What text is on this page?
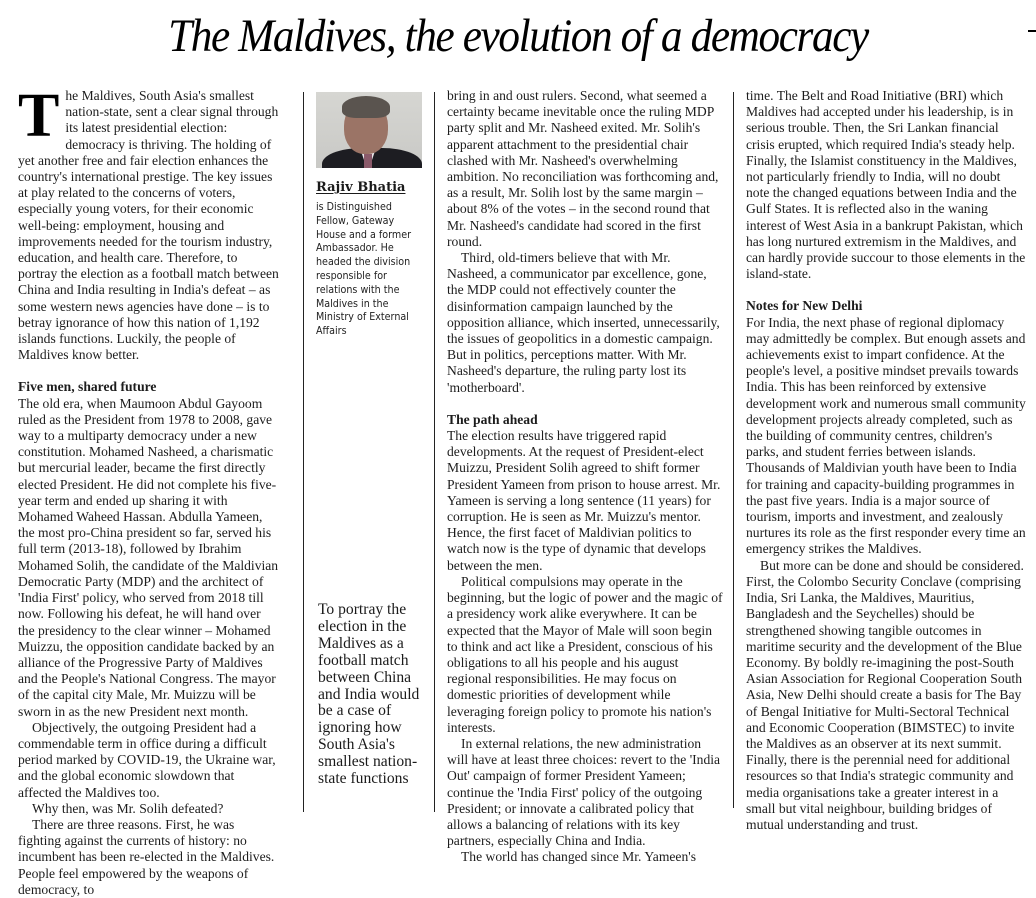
The Maldives, the evolution of a democracy

The Maldives, South Asia's smallest nation-state, sent a clear signal through its latest presidential election: democracy is thriving. The holding of yet another free and fair election enhances the country's international prestige. The key issues at play related to the concerns of voters, especially young voters, for their economic well-being: employment, housing and improvements needed for the tourism industry, education, and health care. Therefore, to portray the election as a football match between China and India resulting in India's defeat – as some western news agencies have done – is to betray ignorance of how this nation of 1,192 islands functions. Luckily, the people of Maldives know better.

Five men, shared future

The old era, when Maumoon Abdul Gayoom ruled as the President from 1978 to 2008, gave way to a multiparty democracy under a new constitution. Mohamed Nasheed, a charismatic but mercurial leader, became the first directly elected President. He did not complete his five-year term and ended up sharing it with Mohamed Waheed Hassan. Abdulla Yameen, the most pro-China president so far, served his full term (2013-18), followed by Ibrahim Mohamed Solih, the candidate of the Maldivian Democratic Party (MDP) and the architect of 'India First' policy, who served from 2018 till now. Following his defeat, he will hand over the presidency to the clear winner – Mohamed Muizzu, the opposition candidate backed by an alliance of the Progressive Party of Maldives and the People's National Congress. The mayor of the capital city Male, Mr. Muizzu will be sworn in as the new President next month.

Objectively, the outgoing President had a commendable term in office during a difficult period marked by COVID-19, the Ukraine war, and the global economic slowdown that affected the Maldives too.

Why then, was Mr. Solih defeated?

There are three reasons. First, he was fighting against the currents of history: no incumbent has been re-elected in the Maldives. People feel empowered by the weapons of democracy, to

Rajiv Bhatia
is Distinguished Fellow, Gateway House and a former Ambassador. He headed the division responsible for relations with the Maldives in the Ministry of External Affairs
To portray the election in the Maldives as a football match between China and India would be a case of ignoring how South Asia's smallest nation-state functions

bring in and oust rulers. Second, what seemed a certainty became inevitable once the ruling MDP party split and Mr. Nasheed exited. Mr. Solih's apparent attachment to the presidential chair clashed with Mr. Nasheed's overwhelming ambition. No reconciliation was forthcoming and, as a result, Mr. Solih lost by the same margin – about 8% of the votes – in the second round that Mr. Nasheed's candidate had scored in the first round.

Third, old-timers believe that with Mr. Nasheed, a communicator par excellence, gone, the MDP could not effectively counter the disinformation campaign launched by the opposition alliance, which inserted, unnecessarily, the issues of geopolitics in a domestic campaign. But in politics, perceptions matter. With Mr. Nasheed's departure, the ruling party lost its 'motherboard'.

The path ahead

The election results have triggered rapid developments. At the request of President-elect Muizzu, President Solih agreed to shift former President Yameen from prison to house arrest. Mr. Yameen is serving a long sentence (11 years) for corruption. He is seen as Mr. Muizzu's mentor. Hence, the first facet of Maldivian politics to watch now is the type of dynamic that develops between the men.

Political compulsions may operate in the beginning, but the logic of power and the magic of a presidency work alike everywhere. It can be expected that the Mayor of Male will soon begin to think and act like a President, conscious of his obligations to all his people and his august regional responsibilities. He may focus on domestic priorities of development while leveraging foreign policy to promote his nation's interests.

In external relations, the new administration will have at least three choices: revert to the 'India Out' campaign of former President Yameen; continue the 'India First' policy of the outgoing President; or innovate a calibrated policy that allows a balancing of relations with its key partners, especially China and India.

The world has changed since Mr. Yameen's

time. The Belt and Road Initiative (BRI) which Maldives had accepted under his leadership, is in serious trouble. Then, the Sri Lankan financial crisis erupted, which required India's steady help. Finally, the Islamist constituency in the Maldives, not particularly friendly to India, will no doubt note the changed equations between India and the Gulf States. It is reflected also in the waning interest of West Asia in a bankrupt Pakistan, which has long nurtured extremism in the Maldives, and can hardly provide succour to those elements in the island-state.

Notes for New Delhi

For India, the next phase of regional diplomacy may admittedly be complex. But enough assets and achievements exist to impart confidence. At the people's level, a positive mindset prevails towards India. This has been reinforced by extensive development work and numerous small community development projects already completed, such as the building of community centres, children's parks, and student ferries between islands. Thousands of Maldivian youth have been to India for training and capacity-building programmes in the past five years. India is a major source of tourism, imports and investment, and zealously nurtures its role as the first responder every time an emergency strikes the Maldives.

But more can be done and should be considered. First, the Colombo Security Conclave (comprising India, Sri Lanka, the Maldives, Mauritius, Bangladesh and the Seychelles) should be strengthened showing tangible outcomes in maritime security and the development of the Blue Economy. By boldly re-imagining the post-South Asian Association for Regional Cooperation South Asia, New Delhi should create a basis for The Bay of Bengal Initiative for Multi-Sectoral Technical and Economic Cooperation (BIMSTEC) to invite the Maldives as an observer at its next summit. Finally, there is the perennial need for additional resources so that India's strategic community and media organisations take a greater interest in a small but vital neighbour, building bridges of mutual understanding and trust.
